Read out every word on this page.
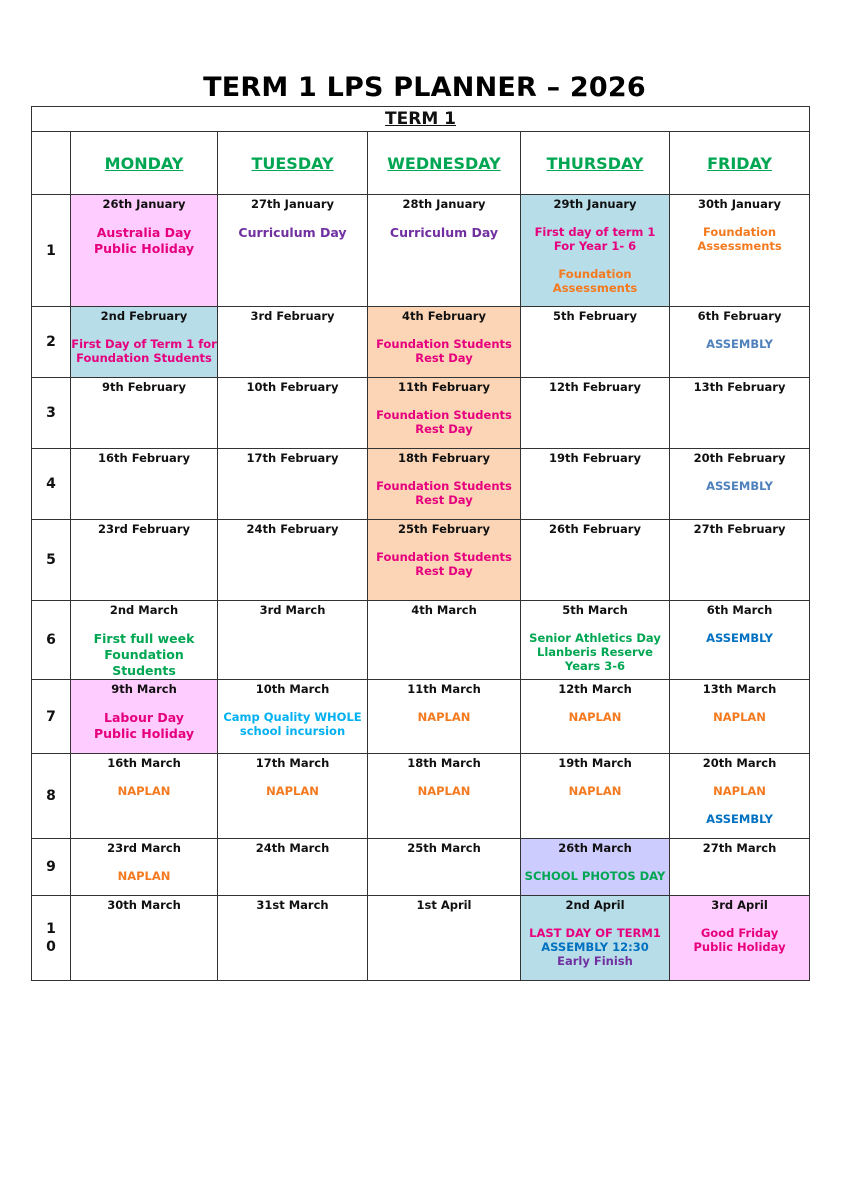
TERM 1 LPS PLANNER – 2026
TERM 1					
	MONDAY	TUESDAY	WEDNESDAY	THURSDAY	FRIDAY
1	26th January
Australia Day
Public Holiday	27th January
Curriculum Day	28th January
Curriculum Day	29th January
First day of term 1
For Year 1- 6
Foundation
Assessments	30th January
Foundation
Assessments

2	2nd February
First Day of Term 1 for
Foundation Students	3rd February	4th February
Foundation Students
Rest Day	5th February	6th February
ASSEMBLY

3	9th February	10th February	11th February
Foundation Students
Rest Day	12th February	13th February

4	16th February	17th February	18th February
Foundation Students
Rest Day	19th February	20th February
ASSEMBLY

5	23rd February	24th February	25th February
Foundation Students
Rest Day	26th February	27th February

6	2nd March
First full week
Foundation Students	3rd March	4th March	5th March
Senior Athletics Day
Llanberis Reserve
Years 3-6	6th March
ASSEMBLY

7	9th March
Labour Day
Public Holiday	10th March
Camp Quality WHOLE
school incursion	11th March
NAPLAN	12th March
NAPLAN	13th March
NAPLAN

8	16th March
NAPLAN	17th March
NAPLAN	18th March
NAPLAN	19th March
NAPLAN	20th March
NAPLAN
ASSEMBLY

9	23rd March
NAPLAN	24th March	25th March	26th March
SCHOOL PHOTOS DAY	27th March

1
0	30th March	31st March	1st April	2nd April
LAST DAY OF TERM1
ASSEMBLY 12:30
Early Finish	3rd April
Good Friday
Public Holiday
